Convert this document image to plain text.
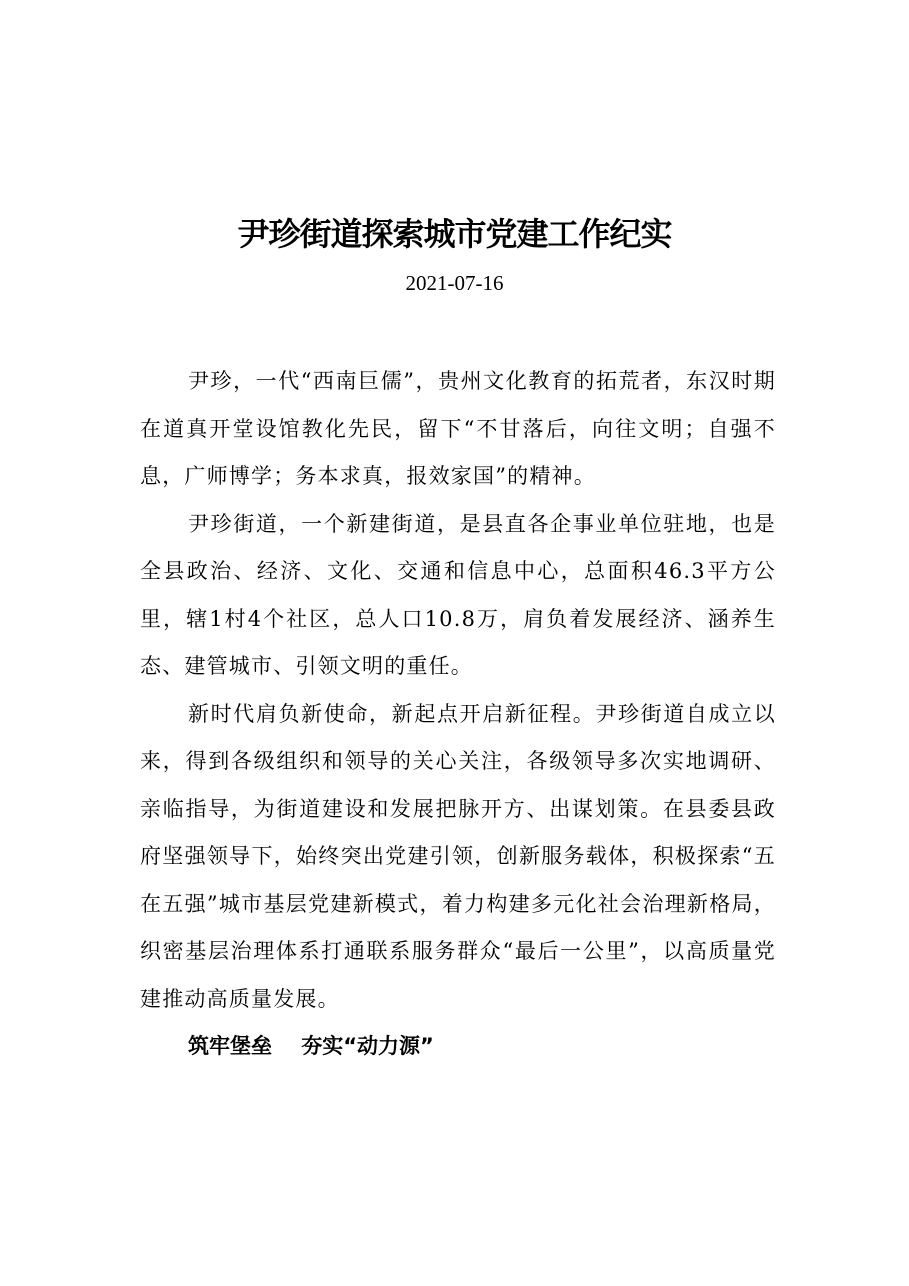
尹珍街道探索城市党建工作纪实
2021-07-16

尹珍，一代“西南巨儒”，贵州文化教育的拓荒者，东汉时期在道真开堂设馆教化先民，留下“不甘落后，向往文明；自强不息，广师博学；务本求真，报效家国”的精神。

尹珍街道，一个新建街道，是县直各企事业单位驻地，也是全县政治、经济、文化、交通和信息中心，总面积46.3平方公里，辖1村4个社区，总人口10.8万，肩负着发展经济、涵养生态、建管城市、引领文明的重任。

新时代肩负新使命，新起点开启新征程。尹珍街道自成立以来，得到各级组织和领导的关心关注，各级领导多次实地调研、亲临指导，为街道建设和发展把脉开方、出谋划策。在县委县政府坚强领导下，始终突出党建引领，创新服务载体，积极探索“五在五强”城市基层党建新模式，着力构建多元化社会治理新格局，织密基层治理体系打通联系服务群众“最后一公里”，以高质量党建推动高质量发展。

筑牢堡垒    夯实“动力源”
